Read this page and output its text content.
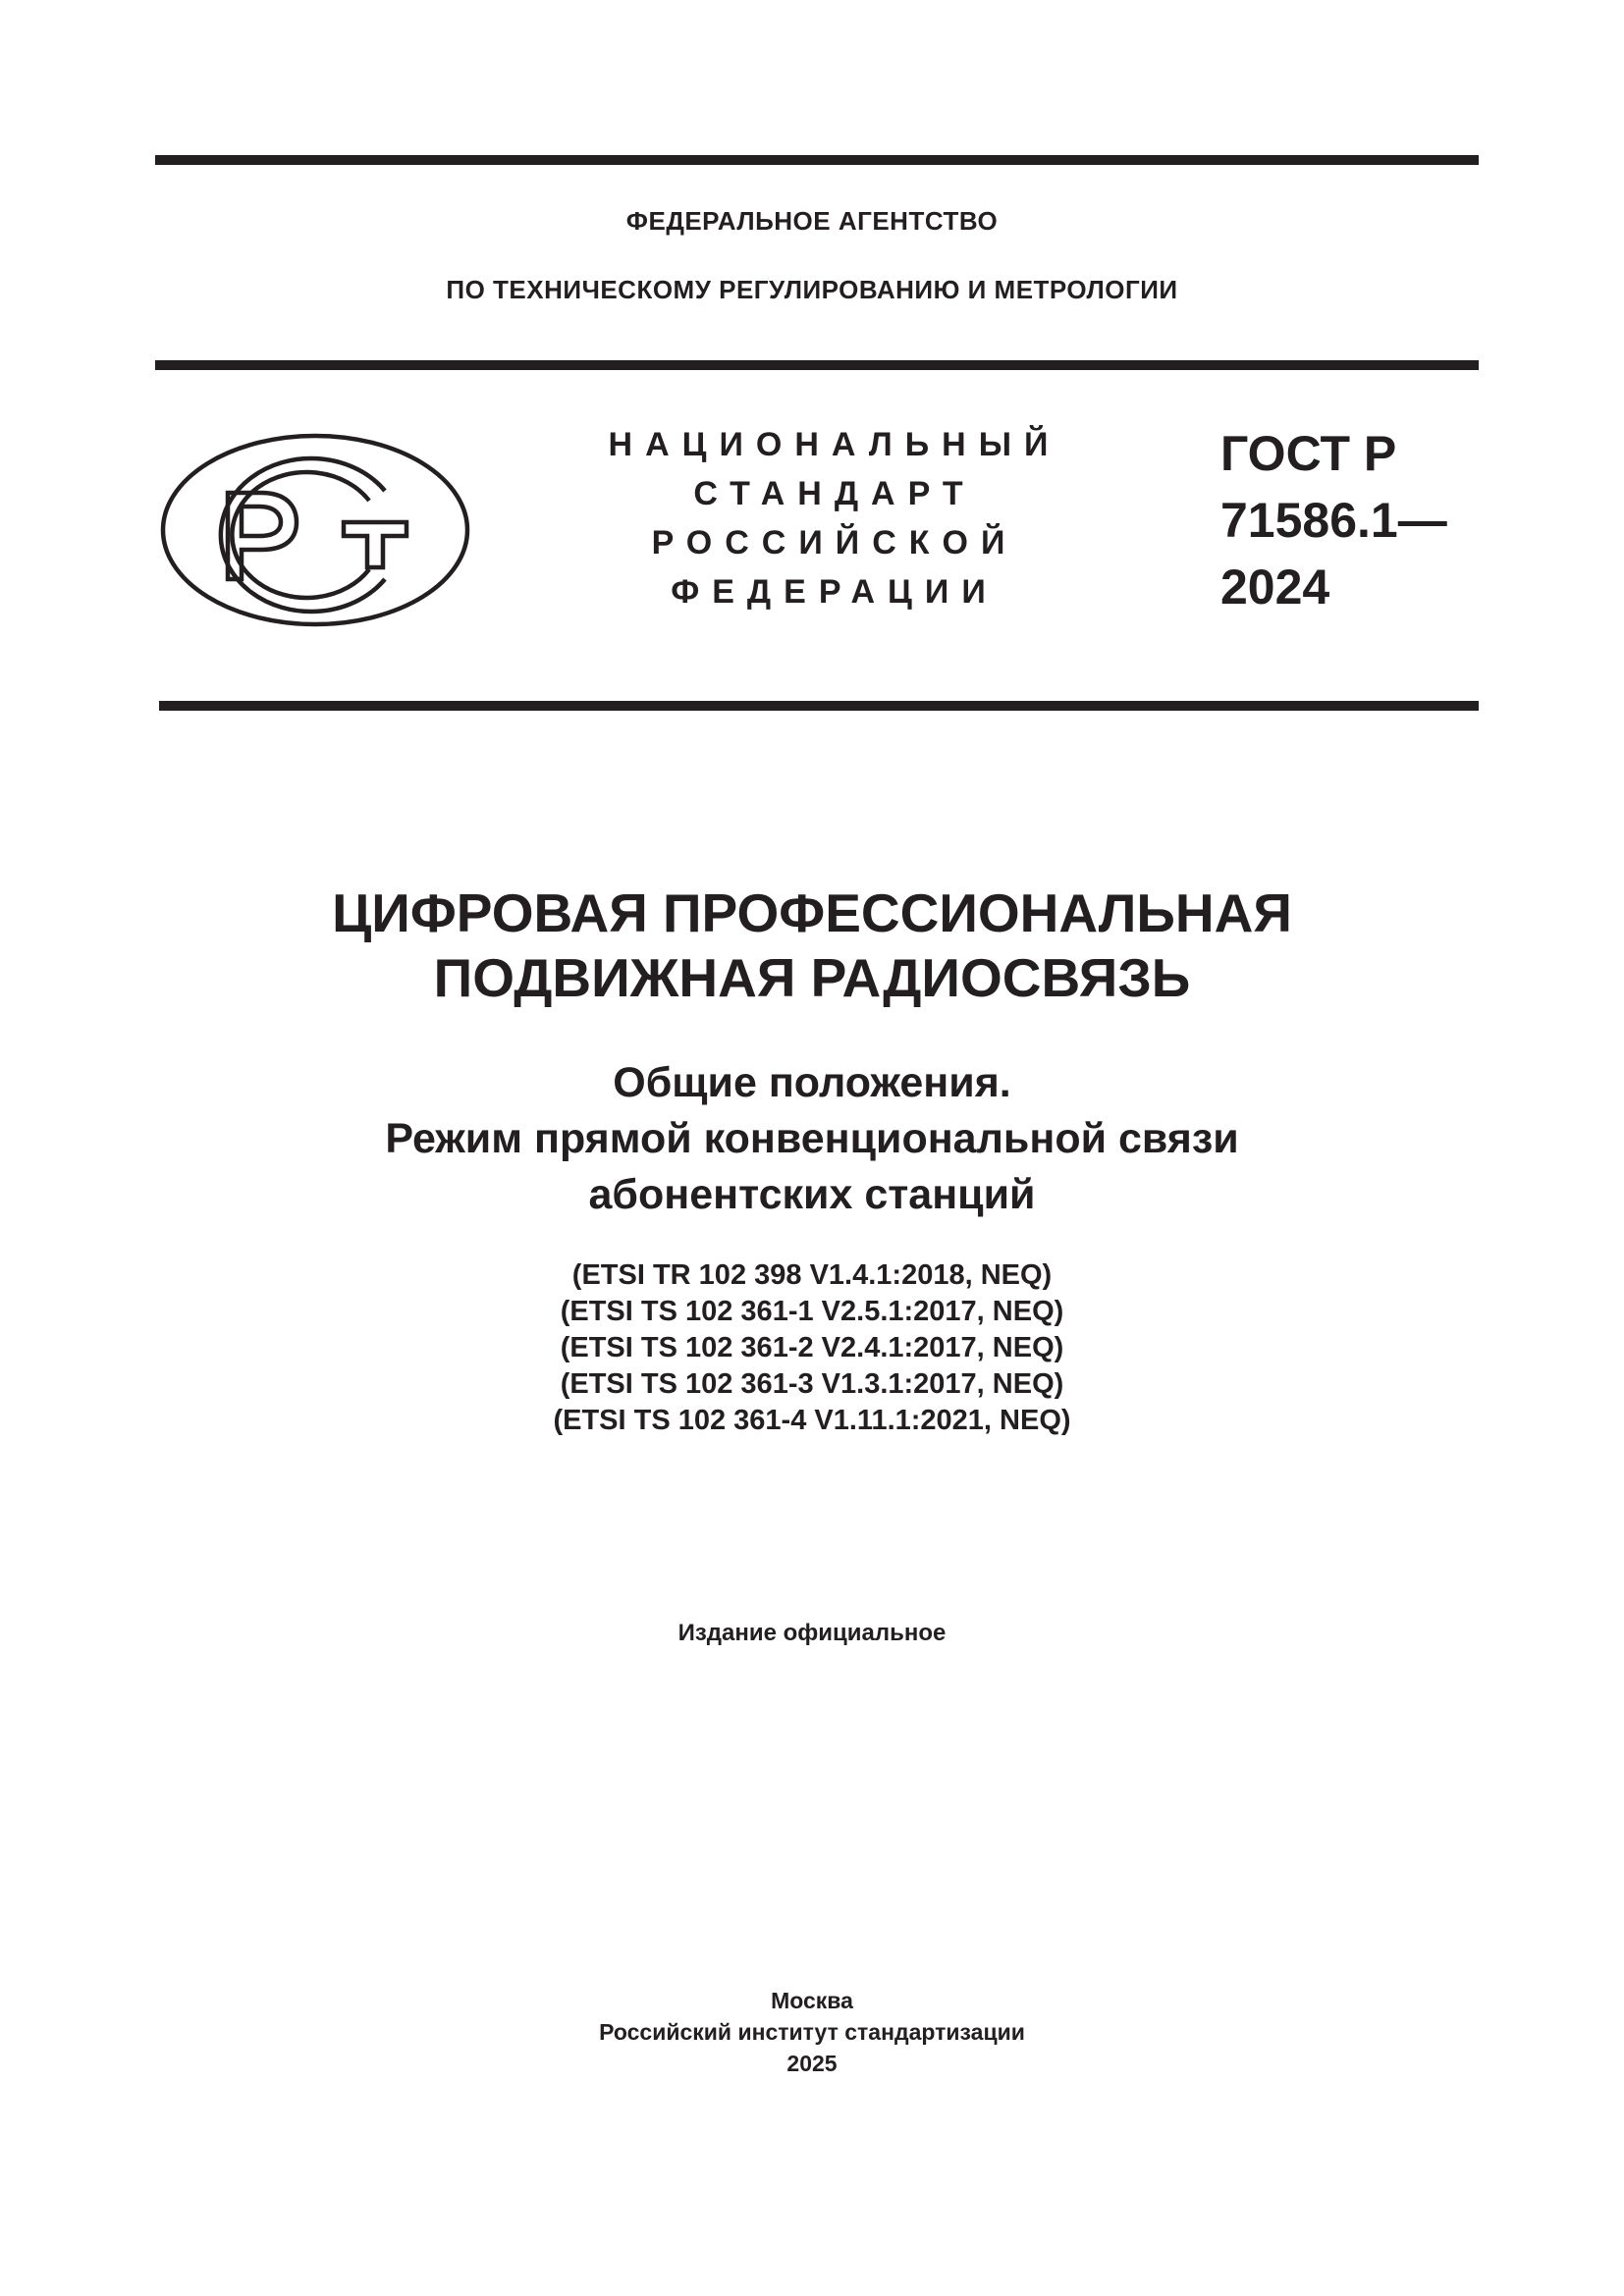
ФЕДЕРАЛЬНОЕ АГЕНТСТВО
ПО ТЕХНИЧЕСКОМУ РЕГУЛИРОВАНИЮ И МЕТРОЛОГИИ
НАЦИОНАЛЬНЫЙ
СТАНДАРТ
РОССИЙСКОЙ
ФЕДЕРАЦИИ
ГОСТ Р
71586.1—
2024
ЦИФРОВАЯ ПРОФЕССИОНАЛЬНАЯ
ПОДВИЖНАЯ РАДИОСВЯЗЬ
Общие положения.
Режим прямой конвенциональной связи
абонентских станций
(ETSI TR 102 398 V1.4.1:2018, NEQ)
(ETSI TS 102 361-1 V2.5.1:2017, NEQ)
(ETSI TS 102 361-2 V2.4.1:2017, NEQ)
(ETSI TS 102 361-3 V1.3.1:2017, NEQ)
(ETSI TS 102 361-4 V1.11.1:2021, NEQ)
Издание официальное
Москва
Российский институт стандартизации
2025
